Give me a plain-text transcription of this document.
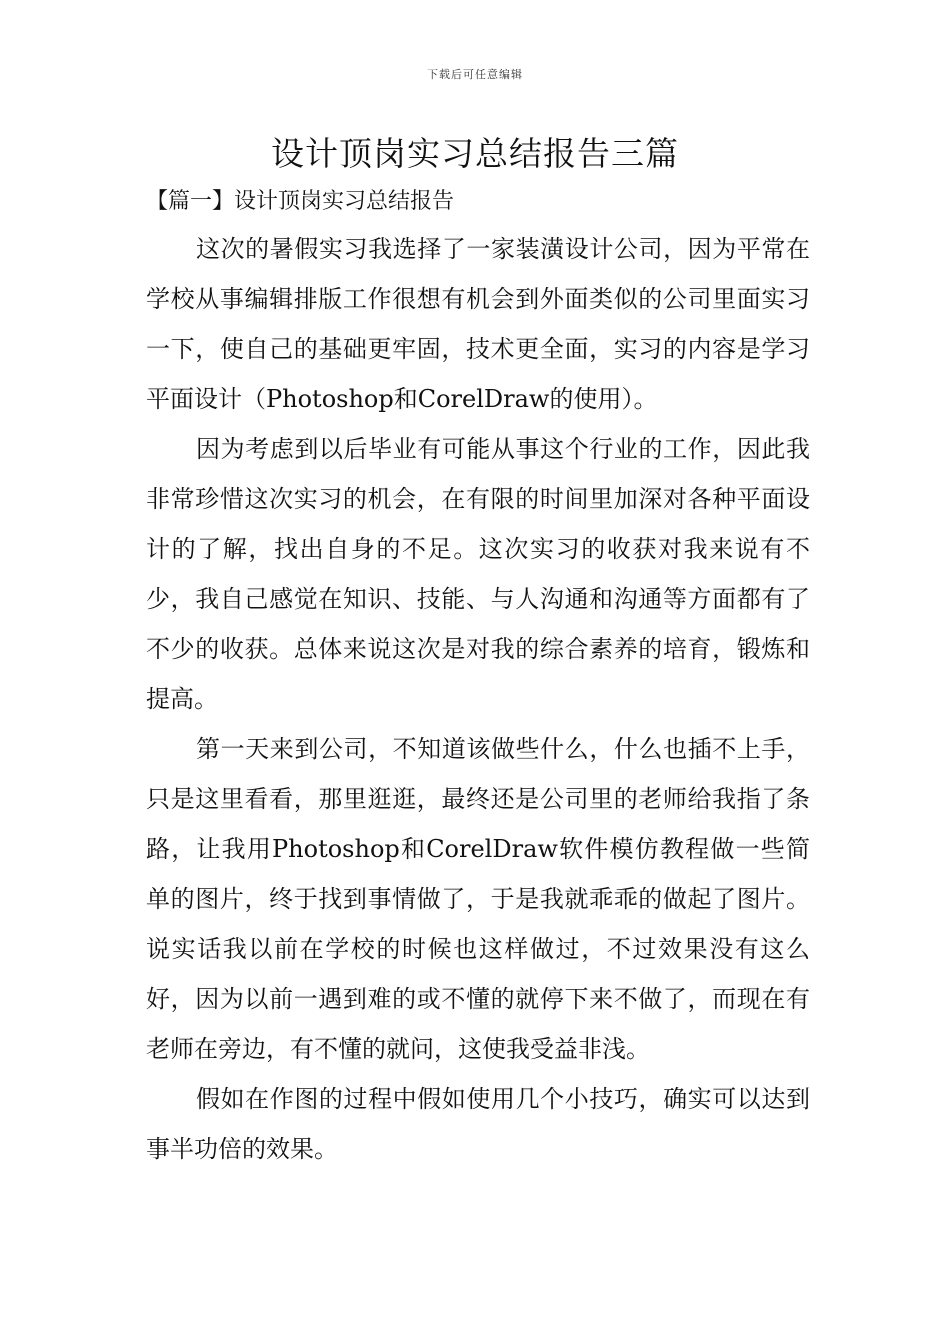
下载后可任意编辑
设计顶岗实习总结报告三篇
【篇一】设计顶岗实习总结报告

这次的暑假实习我选择了一家装潢设计公司，因为平常在学校从事编辑排版工作很想有机会到外面类似的公司里面实习一下，使自己的基础更牢固，技术更全面，实习的内容是学习平面设计（Photoshop和CorelDraw的使用）。

因为考虑到以后毕业有可能从事这个行业的工作，因此我非常珍惜这次实习的机会，在有限的时间里加深对各种平面设计的了解，找出自身的不足。这次实习的收获对我来说有不少，我自己感觉在知识、技能、与人沟通和沟通等方面都有了不少的收获。总体来说这次是对我的综合素养的培育，锻炼和提高。

第一天来到公司，不知道该做些什么，什么也插不上手，只是这里看看，那里逛逛，最终还是公司里的老师给我指了条路，让我用Photoshop和CorelDraw软件模仿教程做一些简单的图片，终于找到事情做了，于是我就乖乖的做起了图片。说实话我以前在学校的时候也这样做过，不过效果没有这么好，因为以前一遇到难的或不懂的就停下来不做了，而现在有老师在旁边，有不懂的就问，这使我受益非浅。

假如在作图的过程中假如使用几个小技巧，确实可以达到事半功倍的效果。
